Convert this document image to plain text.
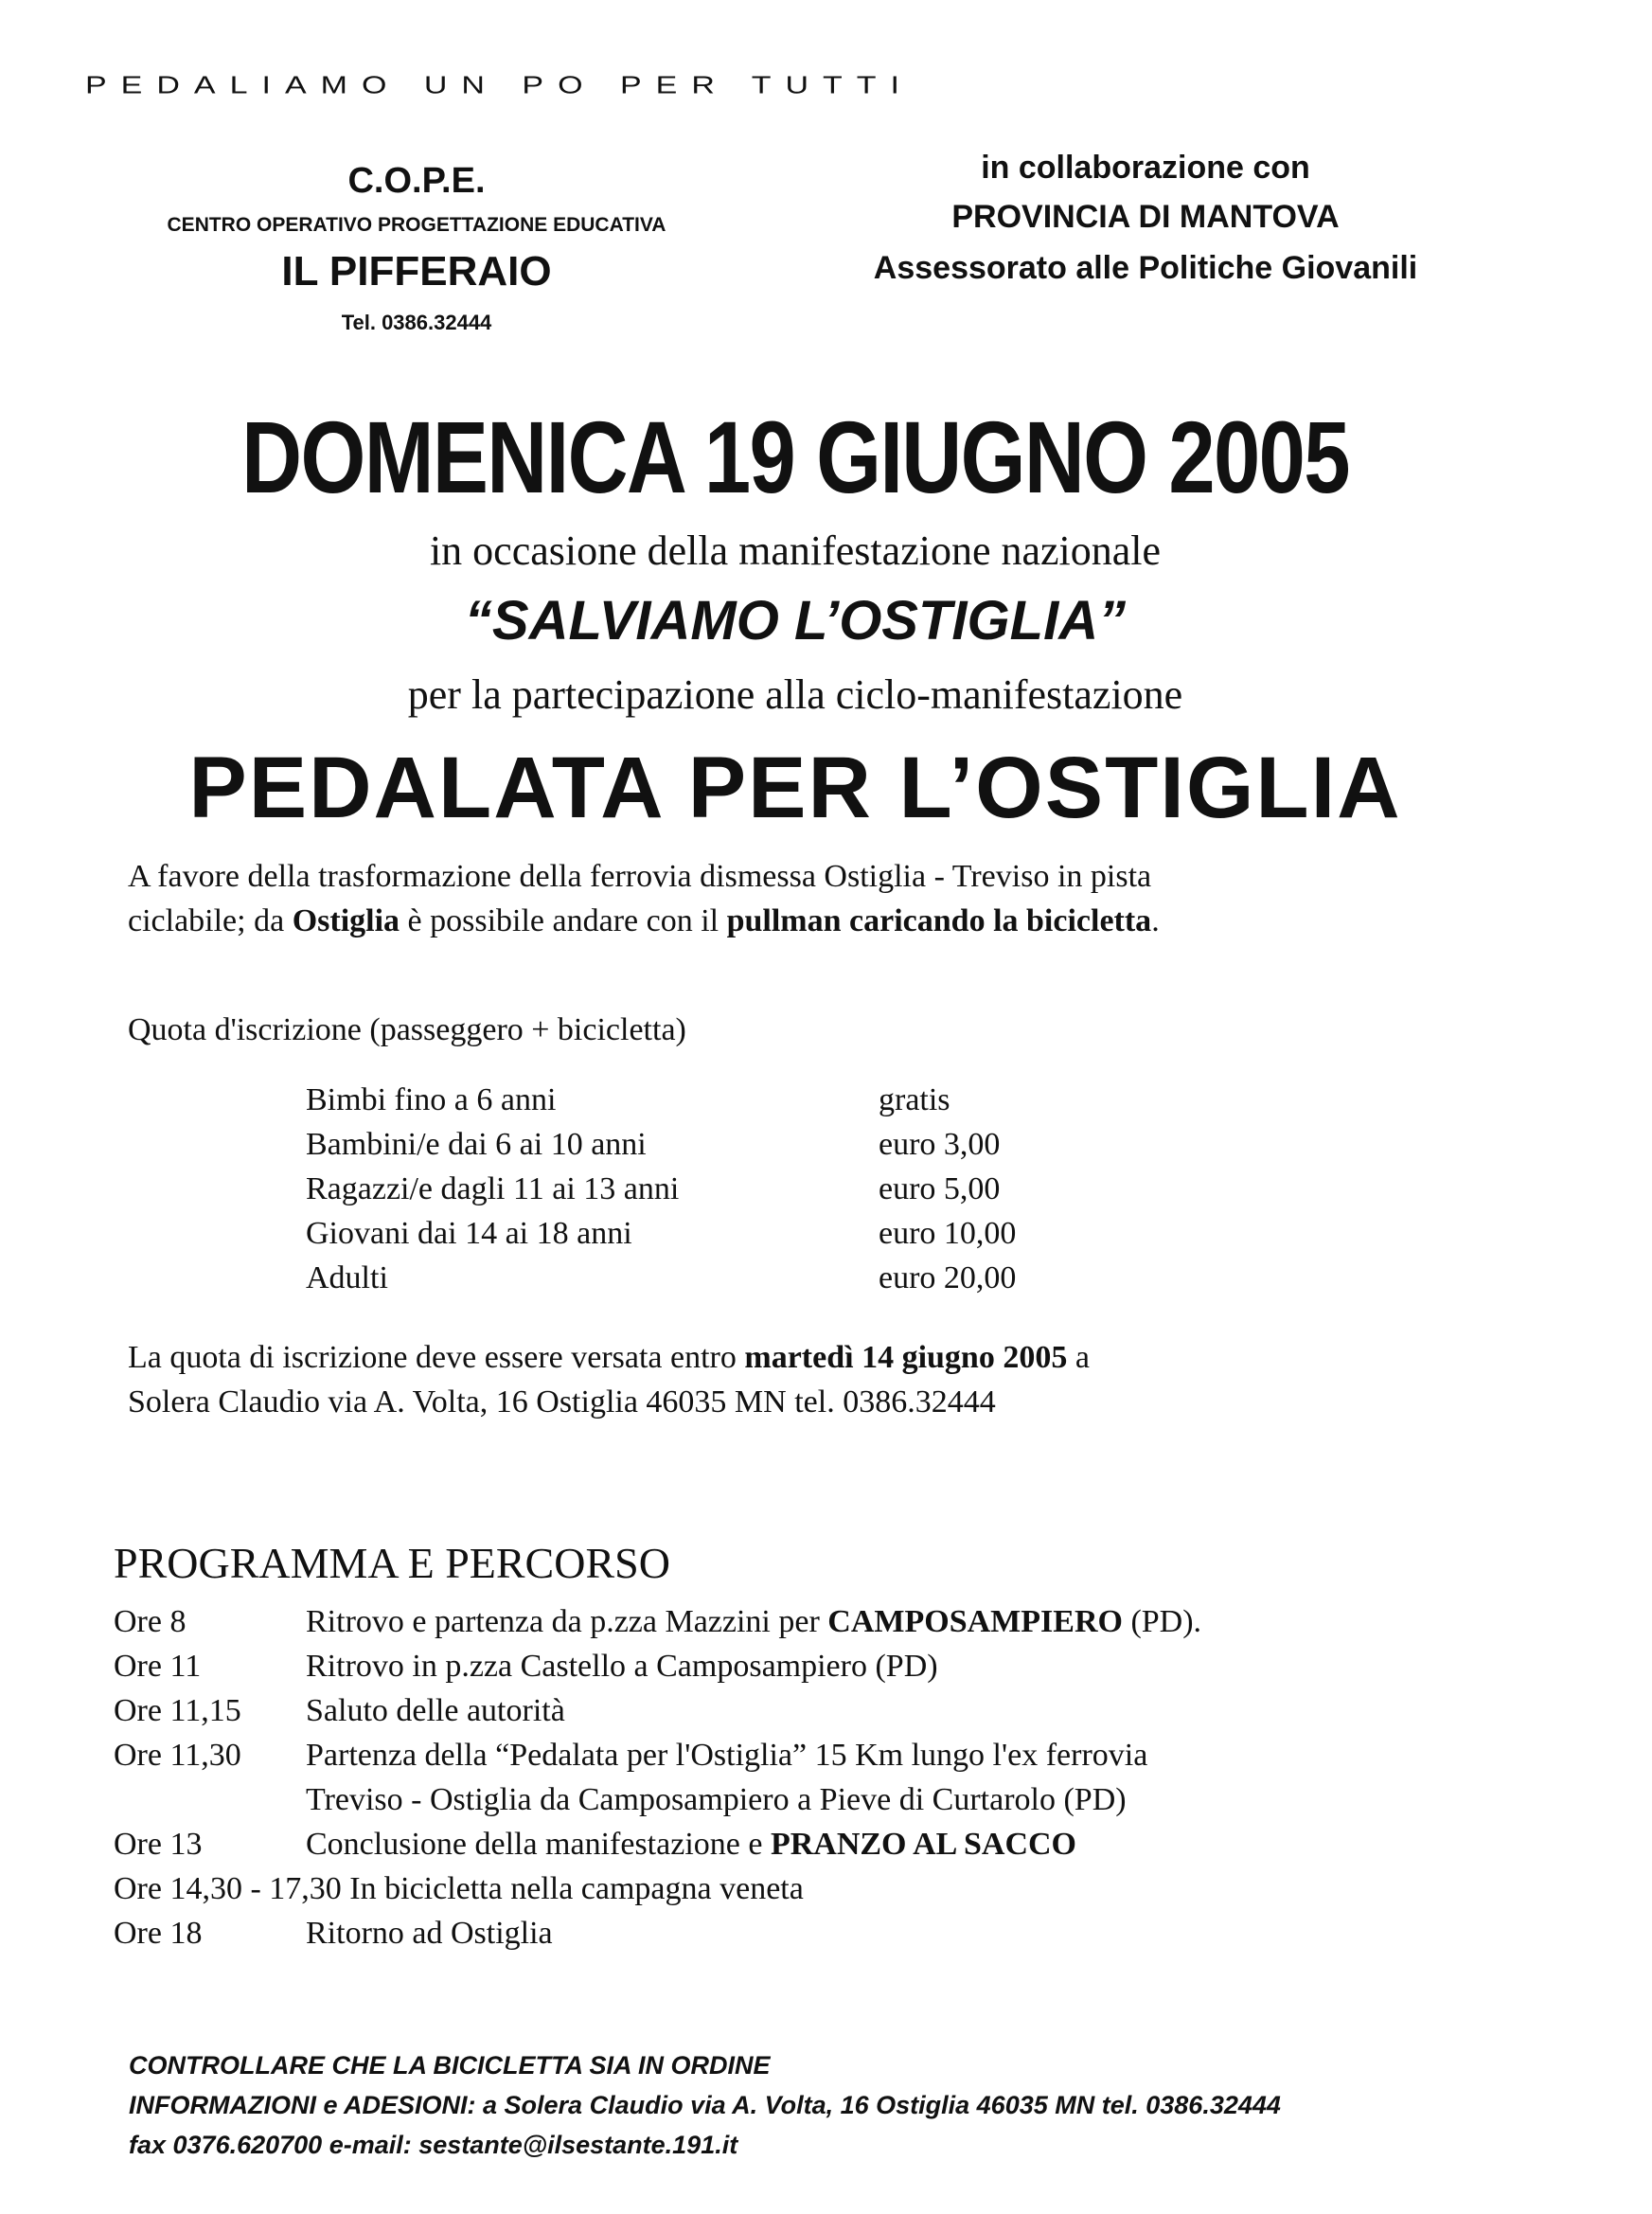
PEDALIAMO UN PO PER TUTTI
C.O.P.E.
CENTRO OPERATIVO PROGETTAZIONE EDUCATIVA
IL PIFFERAIO
Tel. 0386.32444
in collaborazione con
PROVINCIA DI MANTOVA
Assessorato alle Politiche Giovanili
DOMENICA 19 GIUGNO 2005
in occasione della manifestazione nazionale
“SALVIAMO L’OSTIGLIA”
per la partecipazione alla ciclo-manifestazione
PEDALATA PER L’OSTIGLIA
A favore della trasformazione della ferrovia dismessa Ostiglia - Treviso in pista
ciclabile; da Ostiglia è possibile andare con il pullman caricando la bicicletta.
Quota d'iscrizione (passeggero + bicicletta)
Bimbi fino a 6 anni	gratis
Bambini/e dai 6 ai 10 anni	euro 3,00
Ragazzi/e dagli 11 ai 13 anni	euro 5,00
Giovani dai 14 ai 18 anni	euro 10,00
Adulti	euro 20,00
La quota di iscrizione deve essere versata entro martedì 14 giugno 2005 a
Solera Claudio via A. Volta, 16 Ostiglia 46035 MN tel. 0386.32444
PROGRAMMA E PERCORSO
Ore 8	Ritrovo e partenza da p.zza Mazzini per CAMPOSAMPIERO (PD).
Ore 11	Ritrovo in p.zza Castello a Camposampiero (PD)
Ore 11,15 Saluto delle autorità
Ore 11,30 Partenza della “Pedalata per l'Ostiglia” 15 Km lungo l'ex ferrovia
Treviso - Ostiglia da Camposampiero a Pieve di Curtarolo (PD)
Ore 13	Conclusione della manifestazione e PRANZO AL SACCO
Ore 14,30 - 17,30 In bicicletta nella campagna veneta
Ore 18	Ritorno ad Ostiglia
CONTROLLARE CHE LA BICICLETTA SIA IN ORDINE
INFORMAZIONI e ADESIONI: a Solera Claudio via A. Volta, 16 Ostiglia 46035 MN tel. 0386.32444
fax 0376.620700 e-mail: sestante@ilsestante.191.it
